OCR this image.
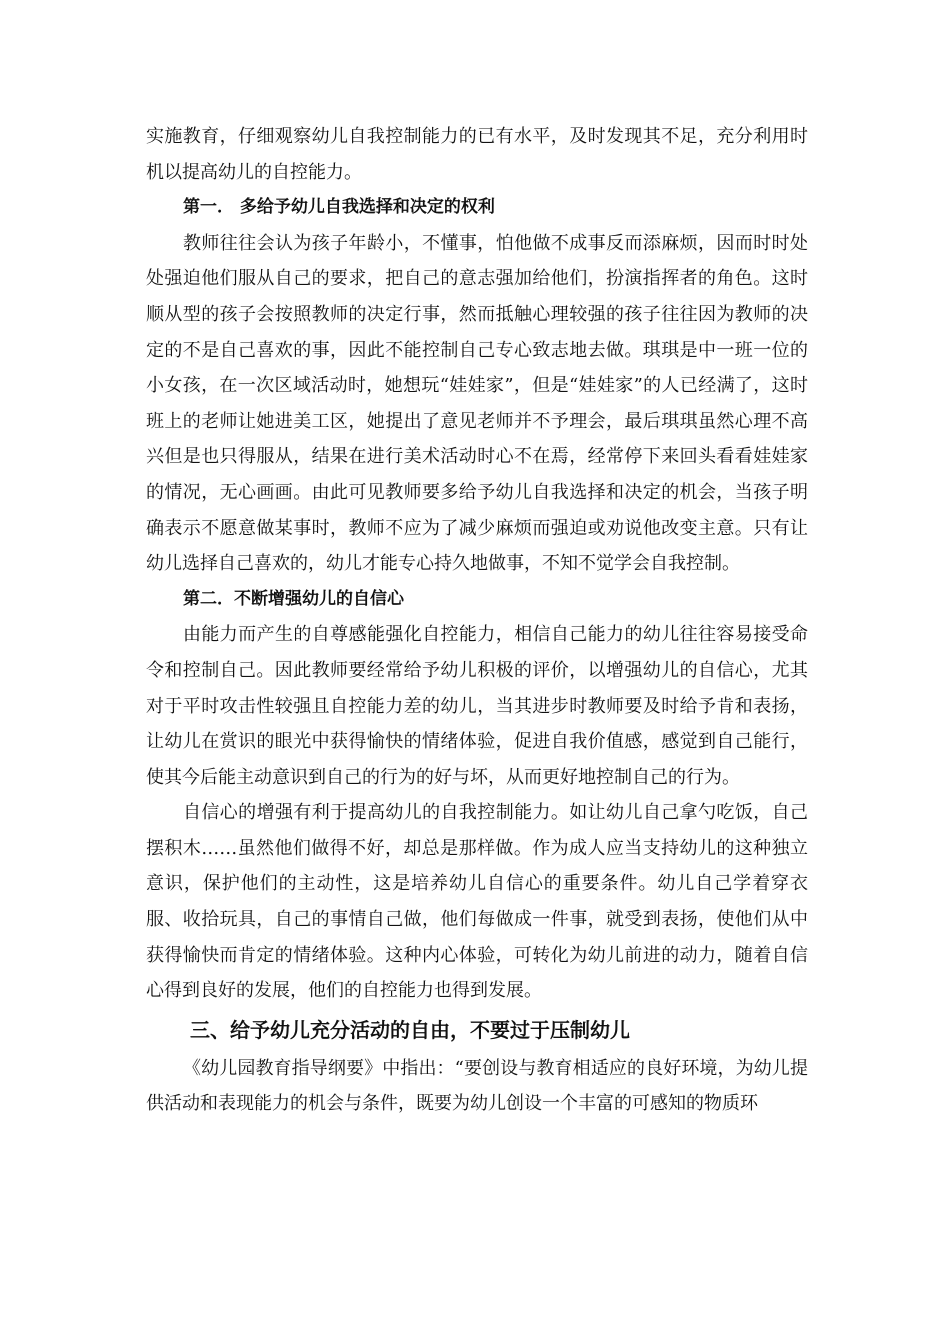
实施教育，仔细观察幼儿自我控制能力的已有水平，及时发现其不足，充分利用时机以提高幼儿的自控能力。

第一． 多给予幼儿自我选择和决定的权利

教师往往会认为孩子年龄小，不懂事，怕他做不成事反而添麻烦，因而时时处处强迫他们服从自己的要求，把自己的意志强加给他们，扮演指挥者的角色。这时顺从型的孩子会按照教师的决定行事，然而抵触心理较强的孩子往往因为教师的决定的不是自己喜欢的事，因此不能控制自己专心致志地去做。琪琪是中一班一位的小女孩，在一次区域活动时，她想玩“娃娃家”，但是“娃娃家”的人已经满了，这时班上的老师让她进美工区，她提出了意见老师并不予理会，最后琪琪虽然心理不高兴但是也只得服从，结果在进行美术活动时心不在焉，经常停下来回头看看娃娃家的情况，无心画画。由此可见教师要多给予幼儿自我选择和决定的机会，当孩子明确表示不愿意做某事时，教师不应为了减少麻烦而强迫或劝说他改变主意。只有让幼儿选择自己喜欢的，幼儿才能专心持久地做事，不知不觉学会自我控制。

第二．不断增强幼儿的自信心

由能力而产生的自尊感能强化自控能力，相信自己能力的幼儿往往容易接受命令和控制自己。因此教师要经常给予幼儿积极的评价，以增强幼儿的自信心，尤其对于平时攻击性较强且自控能力差的幼儿，当其进步时教师要及时给予肯和表扬，让幼儿在赏识的眼光中获得愉快的情绪体验，促进自我价值感，感觉到自己能行，使其今后能主动意识到自己的行为的好与坏，从而更好地控制自己的行为。

自信心的增强有利于提高幼儿的自我控制能力。如让幼儿自己拿勺吃饭，自己摆积木……虽然他们做得不好，却总是那样做。作为成人应当支持幼儿的这种独立意识，保护他们的主动性，这是培养幼儿自信心的重要条件。幼儿自己学着穿衣服、收拾玩具，自己的事情自己做，他们每做成一件事，就受到表扬，使他们从中获得愉快而肯定的情绪体验。这种内心体验，可转化为幼儿前进的动力，随着自信心得到良好的发展，他们的自控能力也得到发展。

三、给予幼儿充分活动的自由，不要过于压制幼儿

《幼儿园教育指导纲要》中指出：“要创设与教育相适应的良好环境，为幼儿提供活动和表现能力的机会与条件，既要为幼儿创设一个丰富的可感知的物质环
